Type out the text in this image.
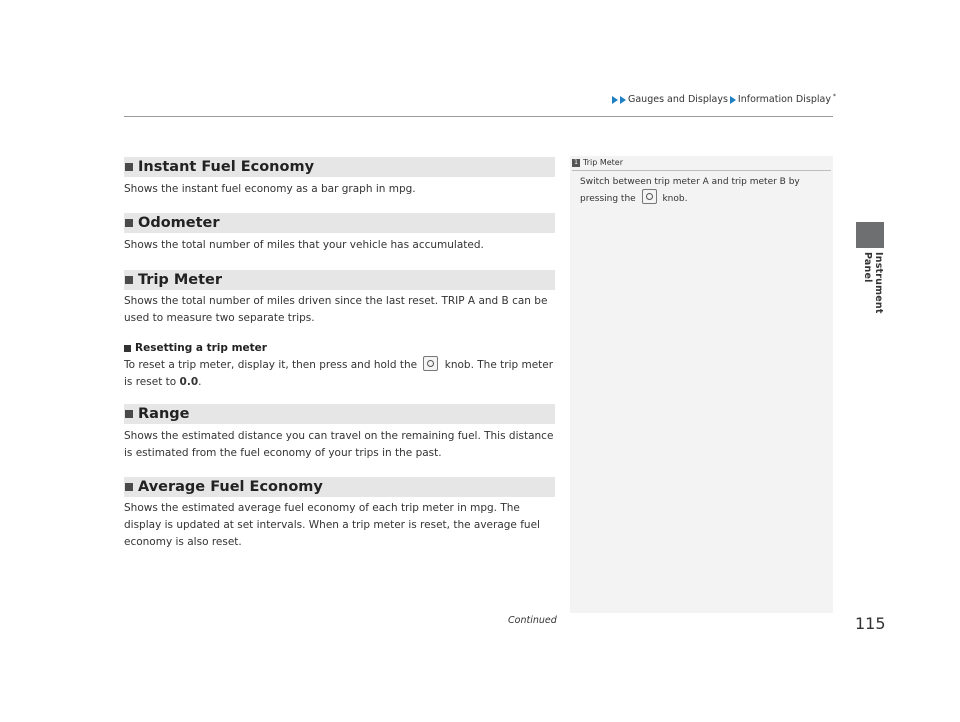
Gauges and Displays Information Display *
Instrument Panel
Instant Fuel Economy
Shows the instant fuel economy as a bar graph in mpg.
Odometer
Shows the total number of miles that your vehicle has accumulated.
Trip Meter
Shows the total number of miles driven since the last reset. TRIP A and B can be used to measure two separate trips.
Resetting a trip meter
To reset a trip meter, display it, then press and hold the	knob. The trip meter is reset to 0.0.
Range
Shows the estimated distance you can travel on the remaining fuel. This distance is estimated from the fuel economy of your trips in the past.
Average Fuel Economy
Shows the estimated average fuel economy of each trip meter in mpg. The display is updated at set intervals. When a trip meter is reset, the average fuel economy is also reset.
1 Trip Meter
Switch between trip meter A and trip meter B by pressing the	knob.
Continued	115
